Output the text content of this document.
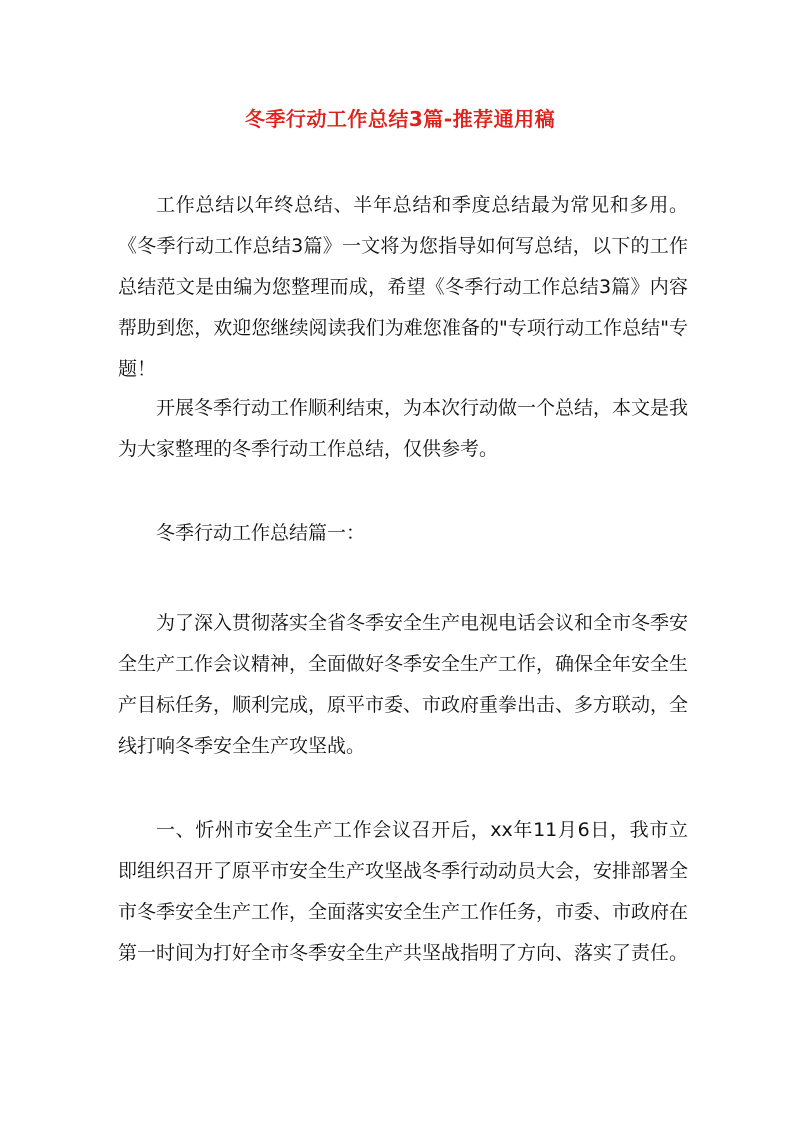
冬季行动工作总结3篇-推荐通用稿

工作总结以年终总结、半年总结和季度总结最为常见和多用。《冬季行动工作总结3篇》一文将为您指导如何写总结，以下的工作总结范文是由编为您整理而成，希望《冬季行动工作总结3篇》内容帮助到您，欢迎您继续阅读我们为难您准备的"专项行动工作总结"专题！

开展冬季行动工作顺利结束，为本次行动做一个总结，本文是我为大家整理的冬季行动工作总结，仅供参考。

冬季行动工作总结篇一：

为了深入贯彻落实全省冬季安全生产电视电话会议和全市冬季安全生产工作会议精神，全面做好冬季安全生产工作，确保全年安全生产目标任务，顺利完成，原平市委、市政府重拳出击、多方联动，全线打响冬季安全生产攻坚战。

一、忻州市安全生产工作会议召开后，xx年11月6日，我市立即组织召开了原平市安全生产攻坚战冬季行动动员大会，安排部署全市冬季安全生产工作，全面落实安全生产工作任务，市委、市政府在第一时间为打好全市冬季安全生产共坚战指明了方向、落实了责任。
